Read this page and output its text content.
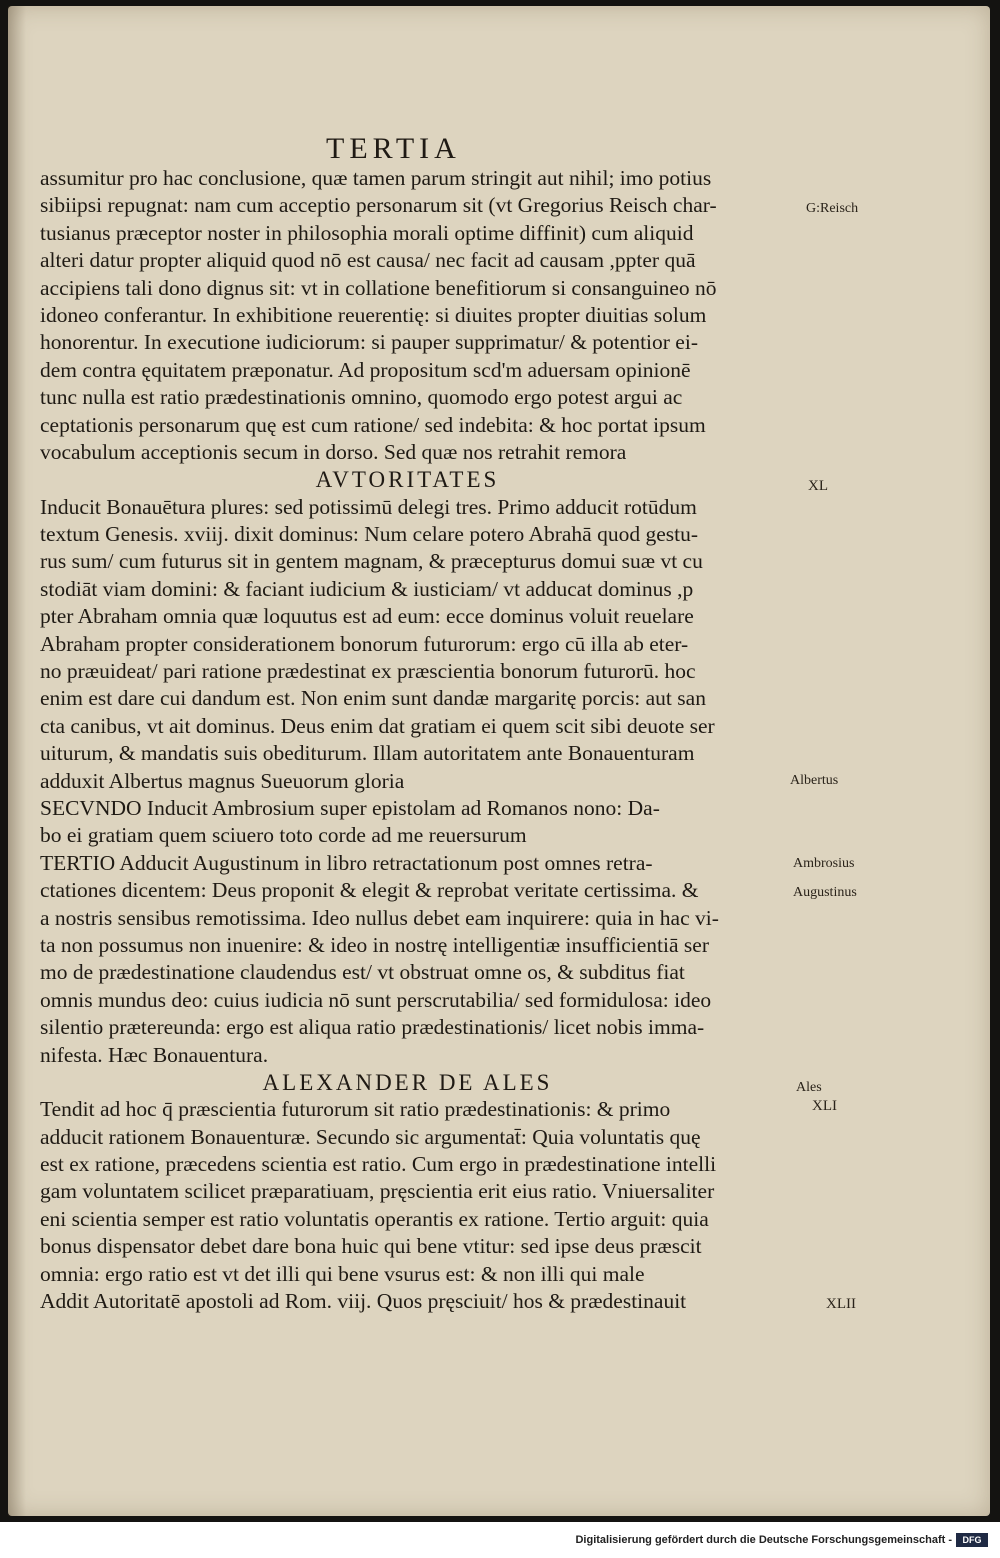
TERTIA
assumitur pro hac conclusione, quæ tamen parum stringit aut nihil; imo potius
sibiipsi repugnat: nam cum acceptio personarum sit (vt Gregorius Reisch char-
tusianus præceptor noster in philosophia morali optime diffinit) cum aliquid
alteri datur propter aliquid quod nō est causa/ nec facit ad causam ,ppter quā
accipiens tali dono dignus sit: vt in collatione benefitiorum si consanguineo nō
idoneo conferantur. In exhibitione reuerentię: si diuites propter diuitias solum
honorentur. In executione iudiciorum: si pauper supprimatur/ & potentior ei-
dem contra ęquitatem præponatur. Ad propositum scd'm aduersam opinionē
tunc nulla est ratio prædestinationis omnino, quomodo ergo potest argui ac
ceptationis personarum quę est cum ratione/ sed indebita: & hoc portat ipsum
vocabulum acceptionis secum in dorso. Sed quæ nos retrahit remora
AVTORITATES
Inducit Bonauētura plures: sed potissimū delegi tres. Primo adducit rotūdum
textum Genesis. xviij. dixit dominus: Num celare potero Abrahā quod gestu-
rus sum/ cum futurus sit in gentem magnam, & præcepturus domui suæ vt cu
stodiāt viam domini: & faciant iudicium & iusticiam/ vt adducat dominus ,p
pter Abraham omnia quæ loquutus est ad eum: ecce dominus voluit reuelare
Abraham propter considerationem bonorum futurorum: ergo cū illa ab eter-
no præuideat/ pari ratione prædestinat ex præscientia bonorum futurorū. hoc
enim est dare cui dandum est. Non enim sunt dandæ margaritę porcis: aut san
cta canibus, vt ait dominus. Deus enim dat gratiam ei quem scit sibi deuote ser
uiturum, & mandatis suis obediturum. Illam autoritatem ante Bonauenturam
adduxit Albertus magnus Sueuorum gloria
SECVNDO Inducit Ambrosium super epistolam ad Romanos nono: Da-
bo ei gratiam quem sciuero toto corde ad me reuersurum
TERTIO Adducit Augustinum in libro retractationum post omnes retra-
ctationes dicentem: Deus proponit & elegit & reprobat veritate certissima. &
a nostris sensibus remotissima. Ideo nullus debet eam inquirere: quia in hac vi-
ta non possumus non inuenire: & ideo in nostrę intelligentiæ insufficientiā ser
mo de prædestinatione claudendus est/ vt obstruat omne os, & subditus fiat
omnis mundus deo: cuius iudicia nō sunt perscrutabilia/ sed formidulosa: ideo
silentio prætereunda: ergo est aliqua ratio prædestinationis/ licet nobis imma-
nifesta. Hæc Bonauentura.
ALEXANDER DE ALES
Tendit ad hoc q̄ præscientia futurorum sit ratio prædestinationis: & primo
adducit rationem Bonauenturæ. Secundo sic argumentat̄: Quia voluntatis quę
est ex ratione, præcedens scientia est ratio. Cum ergo in prædestinatione intelli
gam voluntatem scilicet præparatiuam, pręscientia erit eius ratio. Vniuersaliter
eni scientia semper est ratio voluntatis operantis ex ratione. Tertio arguit: quia
bonus dispensator debet dare bona huic qui bene vtitur: sed ipse deus præscit
omnia: ergo ratio est vt det illi qui bene vsurus est: & non illi qui male
Addit Autoritatē apostoli ad Rom. viij. Quos pręsciuit/ hos & prædestinauit
G:Reisch
XL
Albertus
Ambrosius
Augustinus
Ales
XLI
XLII
Digitalisierung gefördert durch die Deutsche Forschungsgemeinschaft -	DFG
